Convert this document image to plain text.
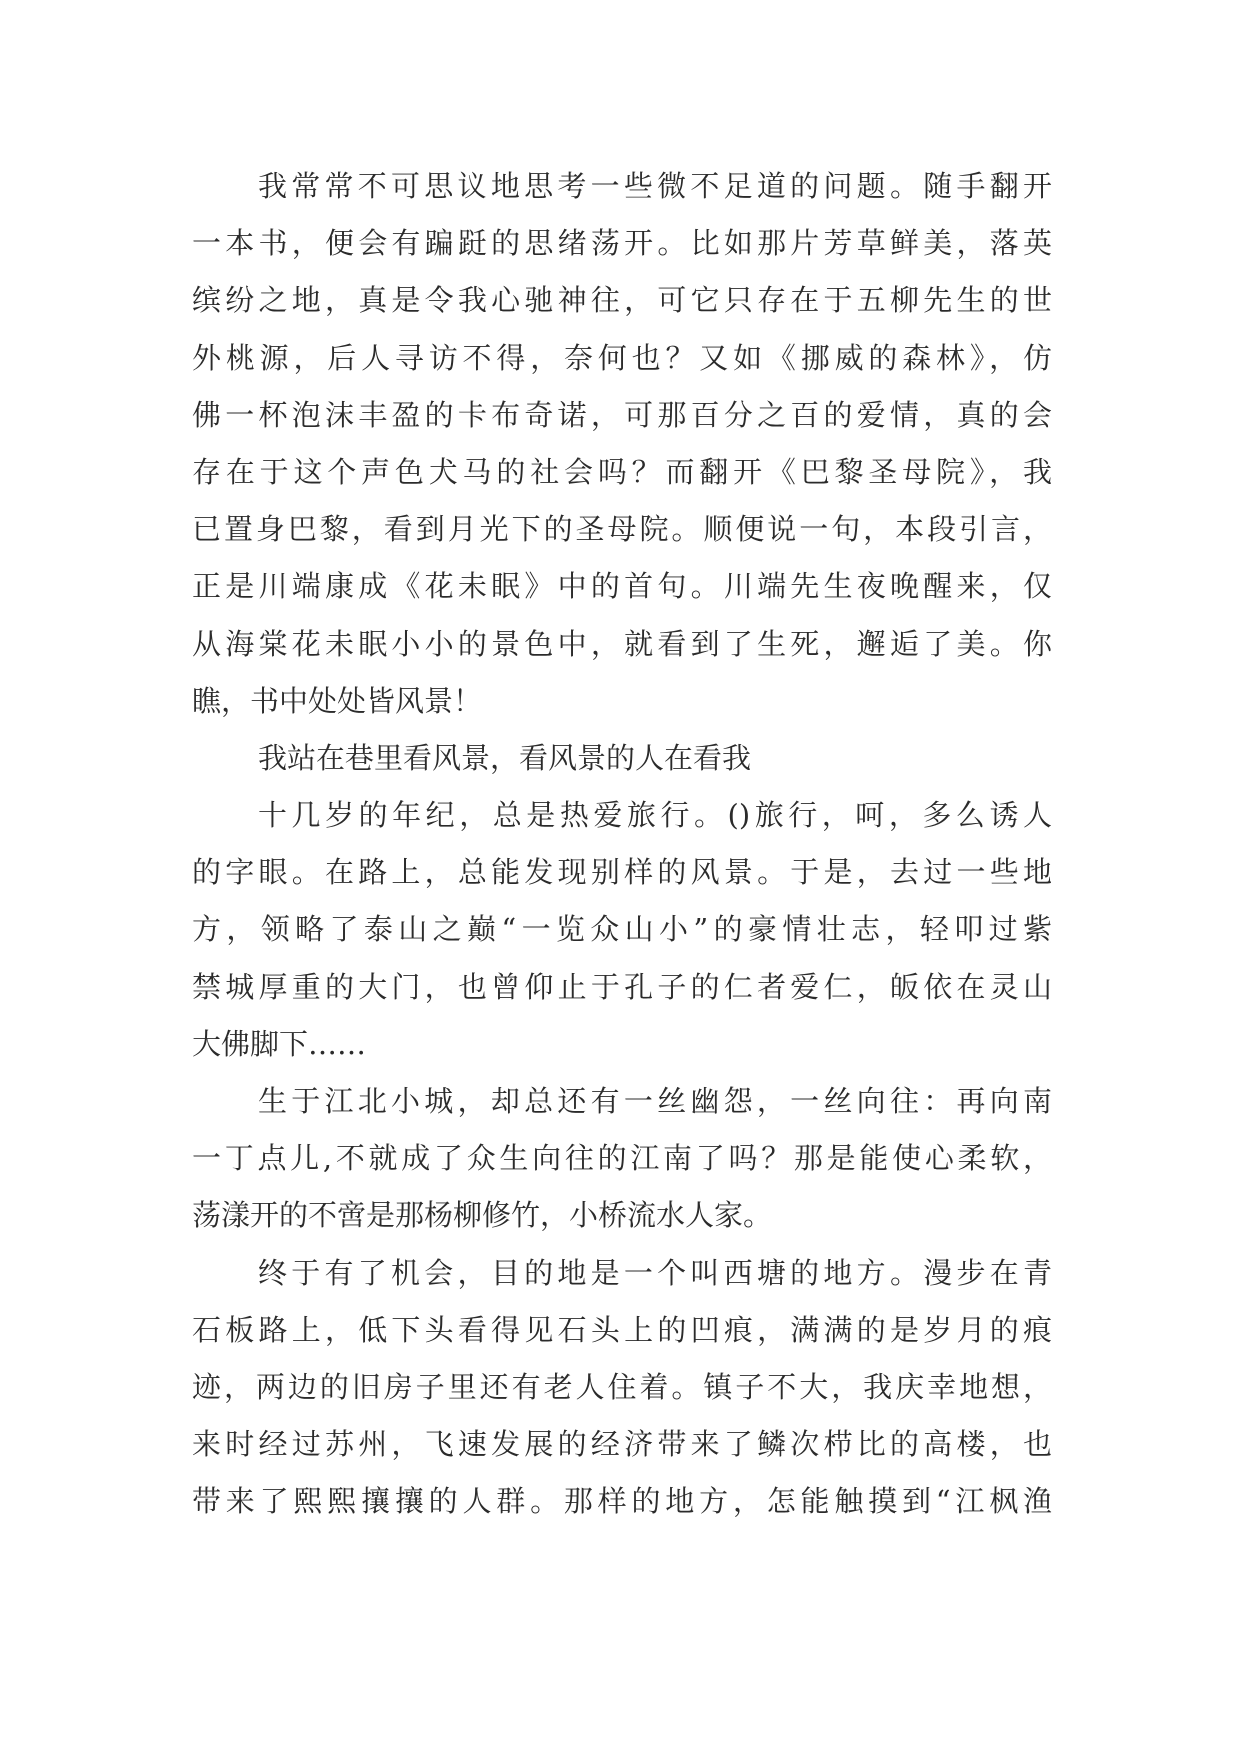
我常常不可思议地思考一些微不足道的问题。随手翻开
一本书，便会有蹁跹的思绪荡开。比如那片芳草鲜美，落英
缤纷之地，真是令我心驰神往，可它只存在于五柳先生的世
外桃源，后人寻访不得，奈何也？又如《挪威的森林》，仿
佛一杯泡沫丰盈的卡布奇诺，可那百分之百的爱情，真的会
存在于这个声色犬马的社会吗？而翻开《巴黎圣母院》，我
已置身巴黎，看到月光下的圣母院。顺便说一句，本段引言，
正是川端康成《花未眠》中的首句。川端先生夜晚醒来，仅
从海棠花未眠小小的景色中，就看到了生死，邂逅了美。你
瞧，书中处处皆风景！
我站在巷里看风景，看风景的人在看我
十几岁的年纪，总是热爱旅行。()旅行，呵，多么诱人
的字眼。在路上，总能发现别样的风景。于是，去过一些地
方，领略了泰山之巅“一览众山小”的豪情壮志，轻叩过紫
禁城厚重的大门，也曾仰止于孔子的仁者爱仁，皈依在灵山
大佛脚下……
生于江北小城，却总还有一丝幽怨，一丝向往：再向南
一丁点儿,不就成了众生向往的江南了吗？那是能使心柔软，
荡漾开的不啻是那杨柳修竹，小桥流水人家。
终于有了机会，目的地是一个叫西塘的地方。漫步在青
石板路上，低下头看得见石头上的凹痕，满满的是岁月的痕
迹，两边的旧房子里还有老人住着。镇子不大，我庆幸地想，
来时经过苏州，飞速发展的经济带来了鳞次栉比的高楼，也
带来了熙熙攘攘的人群。那样的地方，怎能触摸到“江枫渔
